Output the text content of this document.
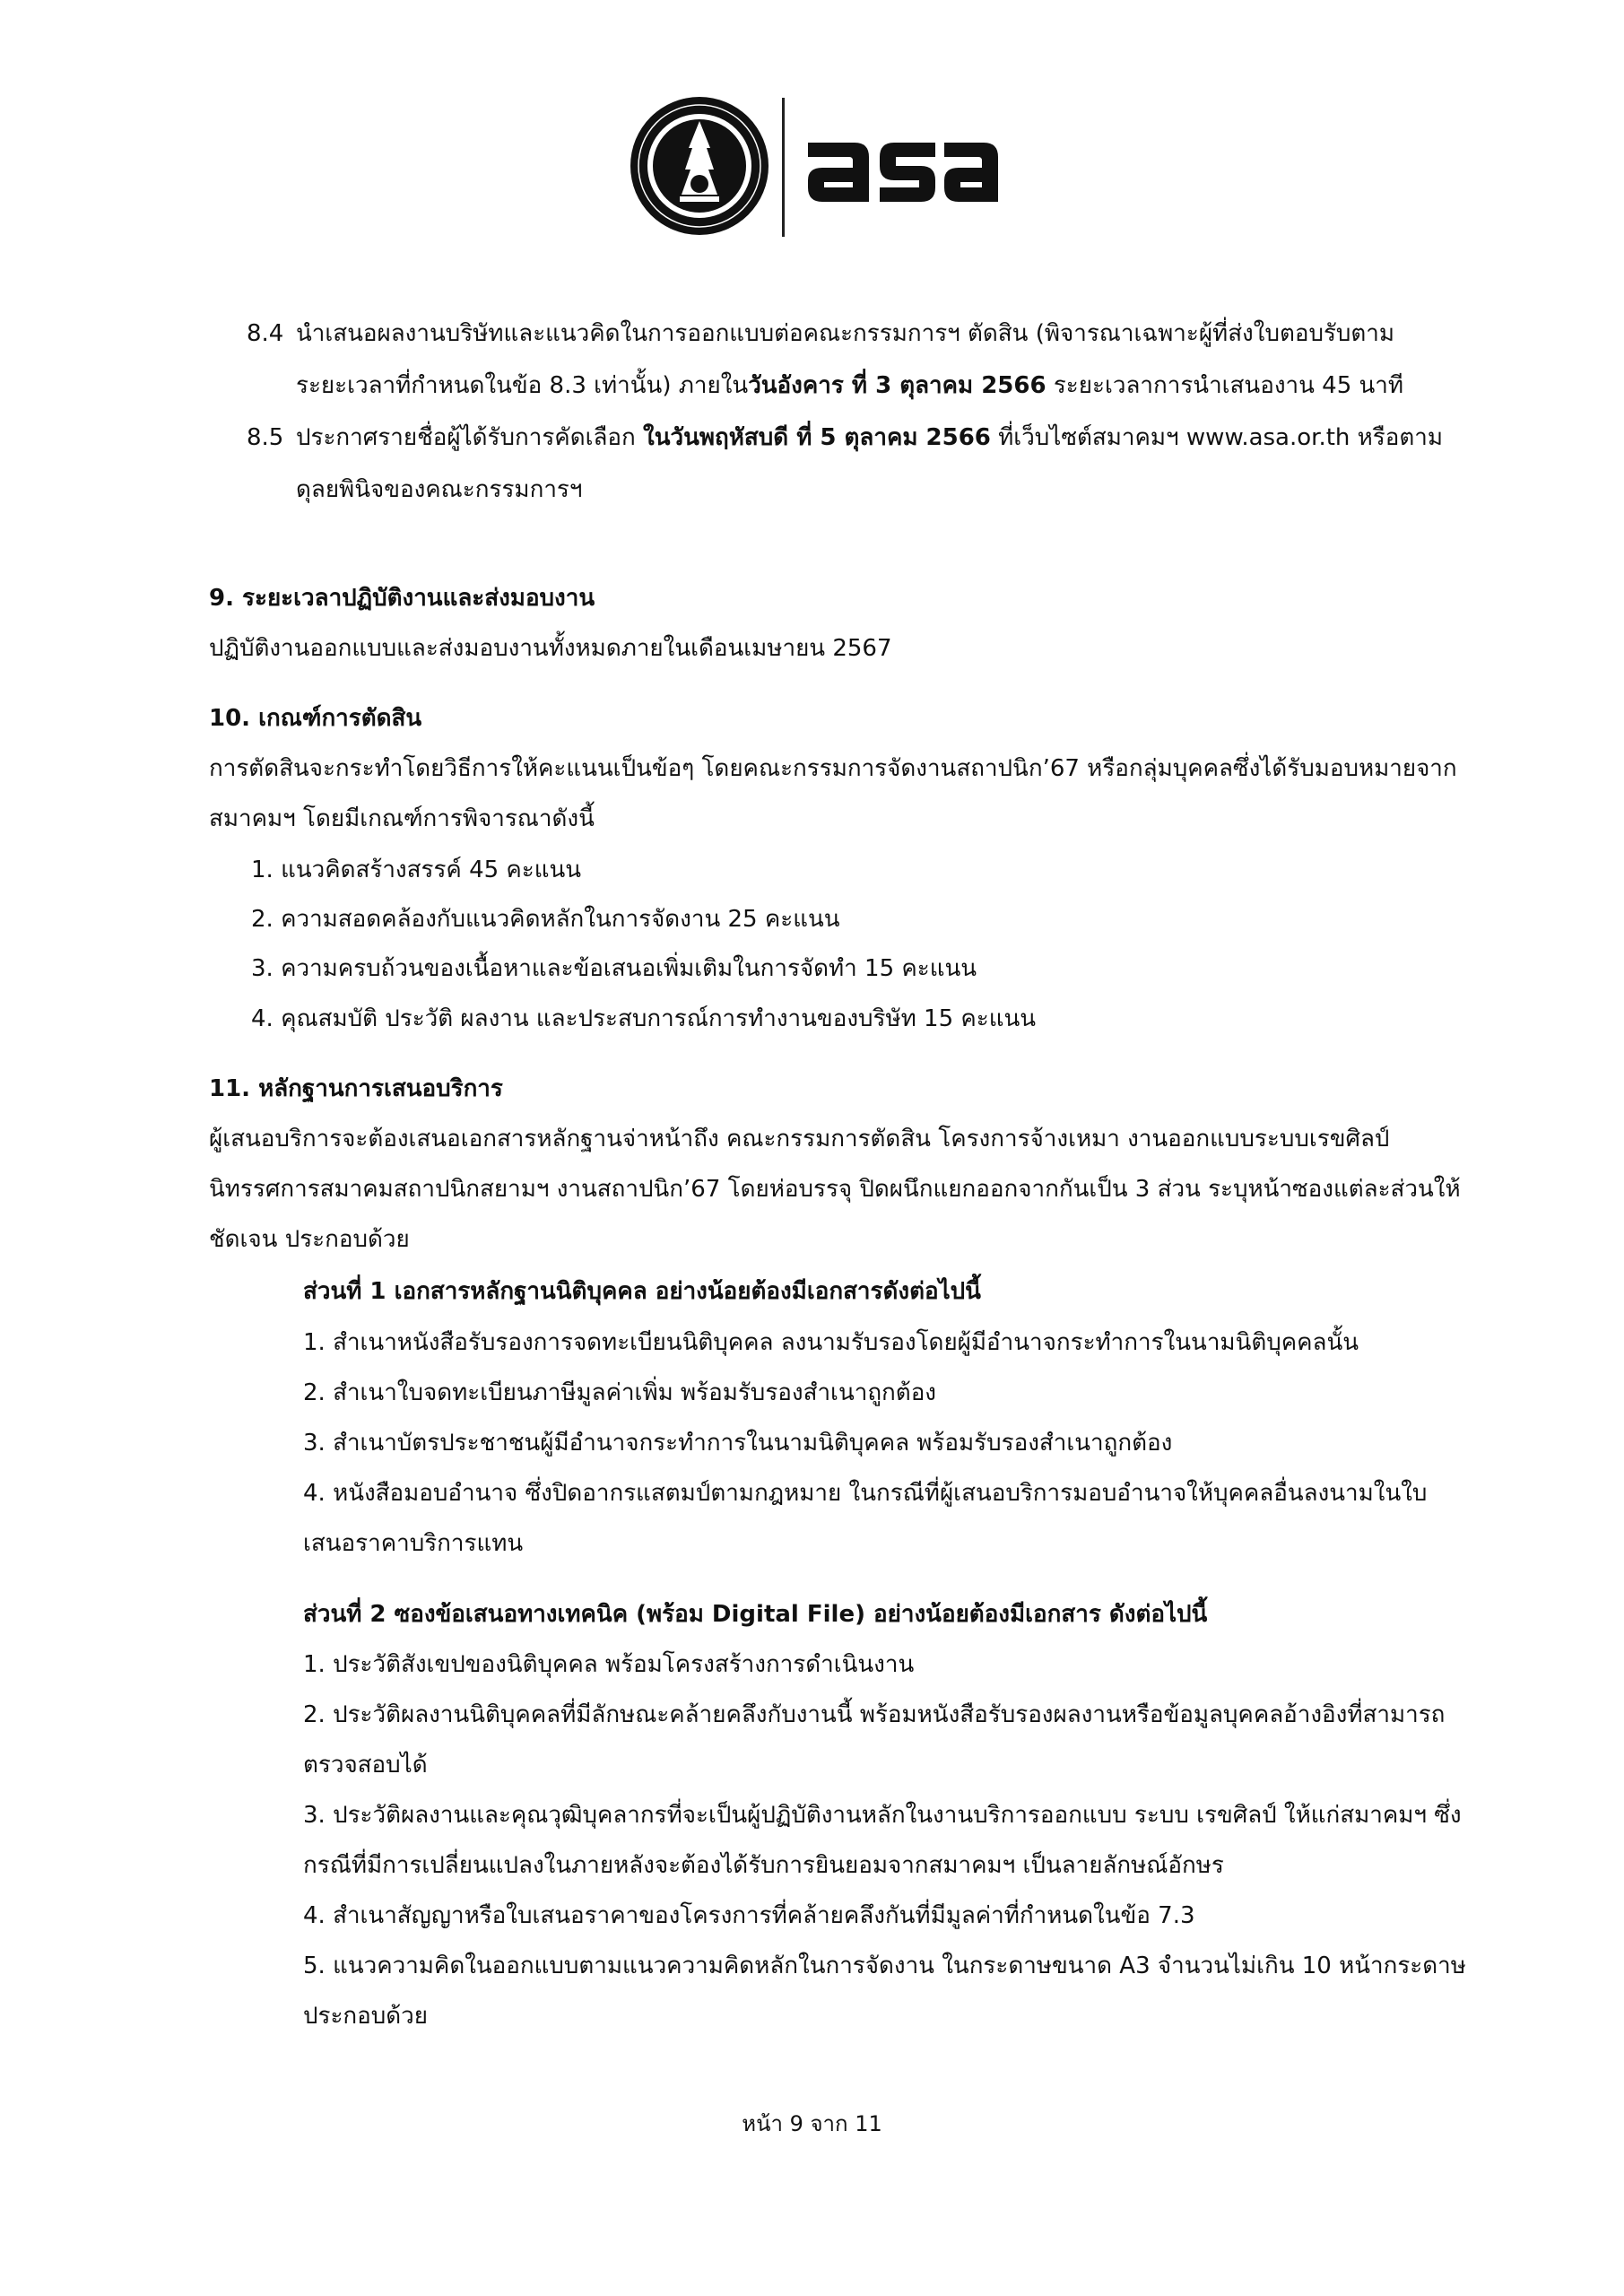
8.4 นำเสนอผลงานบริษัทและแนวคิดในการออกแบบต่อคณะกรรมการฯ ตัดสิน (พิจารณาเฉพาะผู้ที่ส่งใบตอบรับตาม
ระยะเวลาที่กำหนดในข้อ 8.3 เท่านั้น) ภายในวันอังคาร ที่ 3 ตุลาคม 2566 ระยะเวลาการนำเสนองาน 45 นาที
8.5 ประกาศรายชื่อผู้ได้รับการคัดเลือก ในวันพฤหัสบดี ที่ 5 ตุลาคม 2566 ที่เว็บไซต์สมาคมฯ www.asa.or.th หรือตาม
ดุลยพินิจของคณะกรรมการฯ
9. ระยะเวลาปฏิบัติงานและส่งมอบงาน
ปฏิบัติงานออกแบบและส่งมอบงานทั้งหมดภายในเดือนเมษายน 2567
10. เกณฑ์การตัดสิน
การตัดสินจะกระทำโดยวิธีการให้คะแนนเป็นข้อๆ โดยคณะกรรมการจัดงานสถาปนิก’67 หรือกลุ่มบุคคลซึ่งได้รับมอบหมายจาก
สมาคมฯ โดยมีเกณฑ์การพิจารณาดังนี้
1. แนวคิดสร้างสรรค์ 45 คะแนน
2. ความสอดคล้องกับแนวคิดหลักในการจัดงาน 25 คะแนน
3. ความครบถ้วนของเนื้อหาและข้อเสนอเพิ่มเติมในการจัดทำ 15 คะแนน
4. คุณสมบัติ ประวัติ ผลงาน และประสบการณ์การทำงานของบริษัท 15 คะแนน
11. หลักฐานการเสนอบริการ
ผู้เสนอบริการจะต้องเสนอเอกสารหลักฐานจ่าหน้าถึง คณะกรรมการตัดสิน โครงการจ้างเหมา งานออกแบบระบบเรขศิลป์
นิทรรศการสมาคมสถาปนิกสยามฯ งานสถาปนิก’67 โดยห่อบรรจุ ปิดผนึกแยกออกจากกันเป็น 3 ส่วน ระบุหน้าซองแต่ละส่วนให้
ชัดเจน ประกอบด้วย
ส่วนที่ 1 เอกสารหลักฐานนิติบุคคล อย่างน้อยต้องมีเอกสารดังต่อไปนี้
1. สำเนาหนังสือรับรองการจดทะเบียนนิติบุคคล ลงนามรับรองโดยผู้มีอำนาจกระทำการในนามนิติบุคคลนั้น
2. สำเนาใบจดทะเบียนภาษีมูลค่าเพิ่ม พร้อมรับรองสำเนาถูกต้อง
3. สำเนาบัตรประชาชนผู้มีอำนาจกระทำการในนามนิติบุคคล พร้อมรับรองสำเนาถูกต้อง
4. หนังสือมอบอำนาจ ซึ่งปิดอากรแสตมป์ตามกฎหมาย ในกรณีที่ผู้เสนอบริการมอบอำนาจให้บุคคลอื่นลงนามในใบ
เสนอราคาบริการแทน
ส่วนที่ 2 ซองข้อเสนอทางเทคนิค (พร้อม Digital File) อย่างน้อยต้องมีเอกสาร ดังต่อไปนี้
1. ประวัติสังเขปของนิติบุคคล พร้อมโครงสร้างการดำเนินงาน
2. ประวัติผลงานนิติบุคคลที่มีลักษณะคล้ายคลึงกับงานนี้ พร้อมหนังสือรับรองผลงานหรือข้อมูลบุคคลอ้างอิงที่สามารถ
ตรวจสอบได้
3. ประวัติผลงานและคุณวุฒิบุคลากรที่จะเป็นผู้ปฏิบัติงานหลักในงานบริการออกแบบ ระบบ เรขศิลป์ ให้แก่สมาคมฯ ซึ่ง
กรณีที่มีการเปลี่ยนแปลงในภายหลังจะต้องได้รับการยินยอมจากสมาคมฯ เป็นลายลักษณ์อักษร
4. สำเนาสัญญาหรือใบเสนอราคาของโครงการที่คล้ายคลึงกันที่มีมูลค่าที่กำหนดในข้อ 7.3
5. แนวความคิดในออกแบบตามแนวความคิดหลักในการจัดงาน ในกระดาษขนาด A3 จำนวนไม่เกิน 10 หน้ากระดาษ
ประกอบด้วย
หน้า 9 จาก 11
